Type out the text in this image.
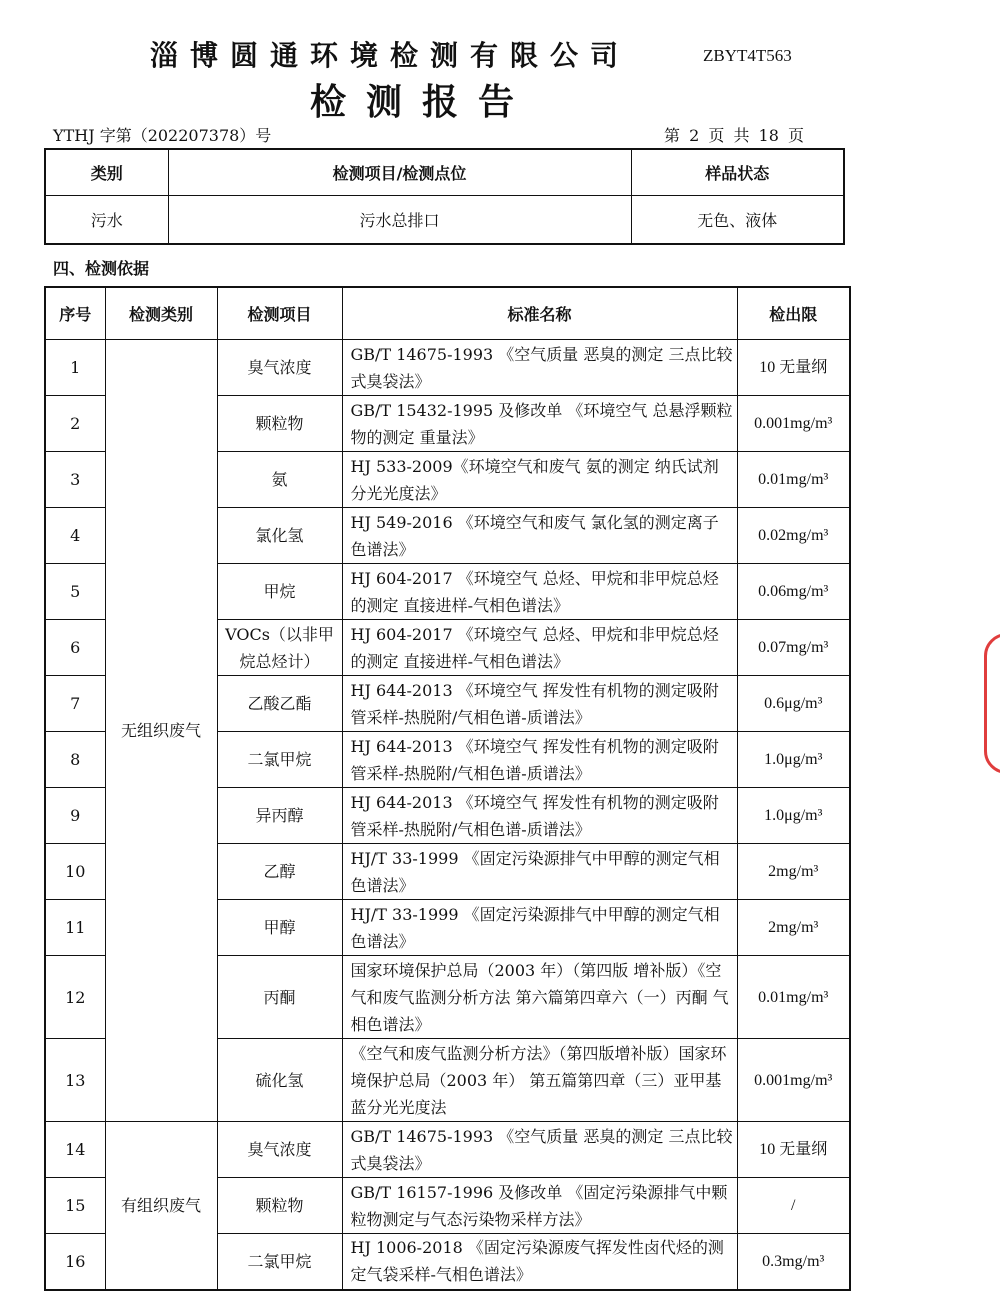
淄博圆通环境检测有限公司	ZBYT4T563
检测报告
YTHJ 字第（202207378）号	第 2 页 共 18 页
类别	检测项目/检测点位	样品状态
污水	污水总排口	无色、液体
四、检测依据
序号	检测类别	检测项目	标准名称	检出限
1	无组织废气	臭气浓度	GB/T 14675-1993 《空气质量 恶臭的测定 三点比较式臭袋法》	10 无量纲
2		颗粒物	GB/T 15432-1995 及修改单 《环境空气 总悬浮颗粒物的测定 重量法》	0.001mg/m³
3		氨	HJ 533-2009《环境空气和废气 氨的测定 纳氏试剂分光光度法》	0.01mg/m³
4		氯化氢	HJ 549-2016 《环境空气和废气 氯化氢的测定离子色谱法》	0.02mg/m³
5		甲烷	HJ 604-2017 《环境空气 总烃、甲烷和非甲烷总烃的测定 直接进样-气相色谱法》	0.06mg/m³
6		VOCs（以非甲烷总烃计）	HJ 604-2017 《环境空气 总烃、甲烷和非甲烷总烃的测定 直接进样-气相色谱法》	0.07mg/m³
7		乙酸乙酯	HJ 644-2013 《环境空气 挥发性有机物的测定吸附管采样-热脱附/气相色谱-质谱法》	0.6μg/m³
8		二氯甲烷	HJ 644-2013 《环境空气 挥发性有机物的测定吸附管采样-热脱附/气相色谱-质谱法》	1.0μg/m³
9		异丙醇	HJ 644-2013 《环境空气 挥发性有机物的测定吸附管采样-热脱附/气相色谱-质谱法》	1.0μg/m³
10		乙醇	HJ/T 33-1999 《固定污染源排气中甲醇的测定气相色谱法》	2mg/m³
11		甲醇	HJ/T 33-1999 《固定污染源排气中甲醇的测定气相色谱法》	2mg/m³
12		丙酮	国家环境保护总局（2003 年）（第四版 增补版）《空气和废气监测分析方法 第六篇第四章六（一）丙酮 气相色谱法》	0.01mg/m³
13		硫化氢	《空气和废气监测分析方法》（第四版增补版）国家环境保护总局（2003 年） 第五篇第四章（三）亚甲基蓝分光光度法	0.001mg/m³
14	有组织废气	臭气浓度	GB/T 14675-1993 《空气质量 恶臭的测定 三点比较式臭袋法》	10 无量纲
15		颗粒物	GB/T 16157-1996 及修改单 《固定污染源排气中颗粒物测定与气态污染物采样方法》	/
16		二氯甲烷	HJ 1006-2018 《固定污染源废气挥发性卤代烃的测定气袋采样-气相色谱法》	0.3mg/m³
